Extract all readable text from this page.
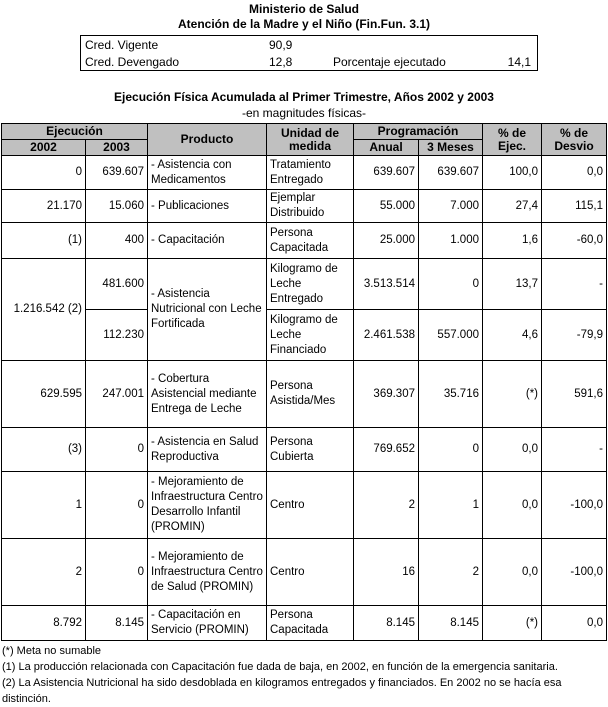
Ministerio de Salud
Atención de la Madre y el Niño (Fin.Fun. 3.1)
Cred. Vigente	90,9
Cred. Devengado	12,8	Porcentaje ejecutado	14,1
Ejecución Física Acumulada al Primer Trimestre, Años 2002 y 2003
-en magnitudes físicas-
Ejecución		Producto	Unidad de medida	Programación		% de Ejec.	% de Desvio
2002	2003			Anual	3 Meses		
0	639.607	- Asistencia con Medicamentos	Tratamiento Entregado	639.607	639.607	100,0	0,0
21.170	15.060	- Publicaciones	Ejemplar Distribuido	55.000	7.000	27,4	115,1
(1)	400	- Capacitación	Persona Capacitada	25.000	1.000	1,6	-60,0
1.216.542 (2)	481.600	- Asistencia Nutricional con Leche Fortificada	Kilogramo de Leche Entregado	3.513.514	0	13,7	-
	112.230		Kilogramo de Leche Financiado	2.461.538	557.000	4,6	-79,9
629.595	247.001	- Cobertura Asistencial mediante Entrega de Leche	Persona Asistida/Mes	369.307	35.716	(*)	591,6
(3)	0	- Asistencia en Salud Reproductiva	Persona Cubierta	769.652	0	0,0	-
1	0	- Mejoramiento de Infraestructura Centro Desarrollo Infantil (PROMIN)	Centro	2	1	0,0	-100,0
2	0	- Mejoramiento de Infraestructura Centro de Salud (PROMIN)	Centro	16	2	0,0	-100,0
8.792	8.145	- Capacitación en Servicio (PROMIN)	Persona Capacitada	8.145	8.145	(*)	0,0
(*) Meta no sumable
(1) La producción relacionada con Capacitación fue dada de baja, en 2002, en función de la emergencia sanitaria.
(2) La Asistencia Nutricional ha sido desdoblada en kilogramos entregados y financiados. En 2002 no se hacía esa distinción.
